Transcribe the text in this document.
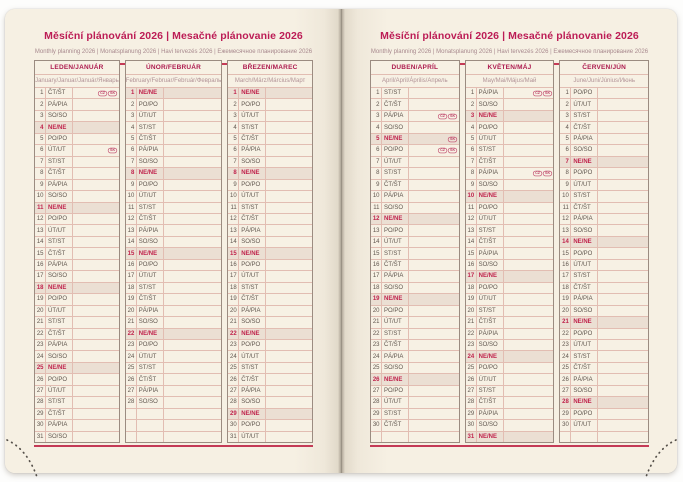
Měsíční plánování 2026 | Mesačné plánovanie 2026
Monthly planning 2026 | Monatsplanung 2026 | Havi tervezés 2026 | Ежемесячное планирование 2026
LEDEN/JANUÁR
January/Januar/Január/Январь
1 ČT/ŠT	CZ SK
2 PÁ/PIA
3 SO/SO
4 NE/NE
5 PO/PO
6 ÚT/UT	SK
7 ST/ST
8 ČT/ŠT
9 PÁ/PIA
10 SO/SO
11 NE/NE
12 PO/PO
13 ÚT/UT
14 ST/ST
15 ČT/ŠT
16 PÁ/PIA
17 SO/SO
18 NE/NE
19 PO/PO
20 ÚT/UT
21 ST/ST
22 ČT/ŠT
23 PÁ/PIA
24 SO/SO
25 NE/NE
26 PO/PO
27 ÚT/UT
28 ST/ST
29 ČT/ŠT
30 PÁ/PIA
31 SO/SO
ÚNOR/FEBRUÁR
February/Februar/Február/Февраль
1 NE/NE
2 PO/PO
3 ÚT/UT
4 ST/ST
5 ČT/ŠT
6 PÁ/PIA
7 SO/SO
8 NE/NE
9 PO/PO
10 ÚT/UT
11 ST/ST
12 ČT/ŠT
13 PÁ/PIA
14 SO/SO
15 NE/NE
16 PO/PO
17 ÚT/UT
18 ST/ST
19 ČT/ŠT
20 PÁ/PIA
21 SO/SO
22 NE/NE
23 PO/PO
24 ÚT/UT
25 ST/ST
26 ČT/ŠT
27 PÁ/PIA
28 SO/SO
BŘEZEN/MAREC
March/März/Március/Март
1 NE/NE
2 PO/PO
3 ÚT/UT
4 ST/ST
5 ČT/ŠT
6 PÁ/PIA
7 SO/SO
8 NE/NE
9 PO/PO
10 ÚT/UT
11 ST/ST
12 ČT/ŠT
13 PÁ/PIA
14 SO/SO
15 NE/NE
16 PO/PO
17 ÚT/UT
18 ST/ST
19 ČT/ŠT
20 PÁ/PIA
21 SO/SO
22 NE/NE
23 PO/PO
24 ÚT/UT
25 ST/ST
26 ČT/ŠT
27 PÁ/PIA
28 SO/SO
29 NE/NE
30 PO/PO
31 ÚT/UT
Měsíční plánování 2026 | Mesačné plánovanie 2026
Monthly planning 2026 | Monatsplanung 2026 | Havi tervezés 2026 | Ежемесячное планирование 2026
DUBEN/APRÍL
April/April/Április/Апрель
1 ST/ST
2 ČT/ŠT
3 PÁ/PIA	CZ SK
4 SO/SO
5 NE/NE	SK
6 PO/PO	CZ SK
7 ÚT/UT
8 ST/ST
9 ČT/ŠT
10 PÁ/PIA
11 SO/SO
12 NE/NE
13 PO/PO
14 ÚT/UT
15 ST/ST
16 ČT/ŠT
17 PÁ/PIA
18 SO/SO
19 NE/NE
20 PO/PO
21 ÚT/UT
22 ST/ST
23 ČT/ŠT
24 PÁ/PIA
25 SO/SO
26 NE/NE
27 PO/PO
28 ÚT/UT
29 ST/ST
30 ČT/ŠT
KVĚTEN/MÁJ
May/Mai/Május/Май
1 PÁ/PIA	CZ SK
2 SO/SO
3 NE/NE
4 PO/PO
5 ÚT/UT
6 ST/ST
7 ČT/ŠT
8 PÁ/PIA	CZ SK
9 SO/SO
10 NE/NE
11 PO/PO
12 ÚT/UT
13 ST/ST
14 ČT/ŠT
15 PÁ/PIA
16 SO/SO
17 NE/NE
18 PO/PO
19 ÚT/UT
20 ST/ST
21 ČT/ŠT
22 PÁ/PIA
23 SO/SO
24 NE/NE
25 PO/PO
26 ÚT/UT
27 ST/ST
28 ČT/ŠT
29 PÁ/PIA
30 SO/SO
31 NE/NE
ČERVEN/JÚN
June/Juni/Június/Июнь
1 PO/PO
2 ÚT/UT
3 ST/ST
4 ČT/ŠT
5 PÁ/PIA
6 SO/SO
7 NE/NE
8 PO/PO
9 ÚT/UT
10 ST/ST
11 ČT/ŠT
12 PÁ/PIA
13 SO/SO
14 NE/NE
15 PO/PO
16 ÚT/UT
17 ST/ST
18 ČT/ŠT
19 PÁ/PIA
20 SO/SO
21 NE/NE
22 PO/PO
23 ÚT/UT
24 ST/ST
25 ČT/ŠT
26 PÁ/PIA
27 SO/SO
28 NE/NE
29 PO/PO
30 ÚT/UT
